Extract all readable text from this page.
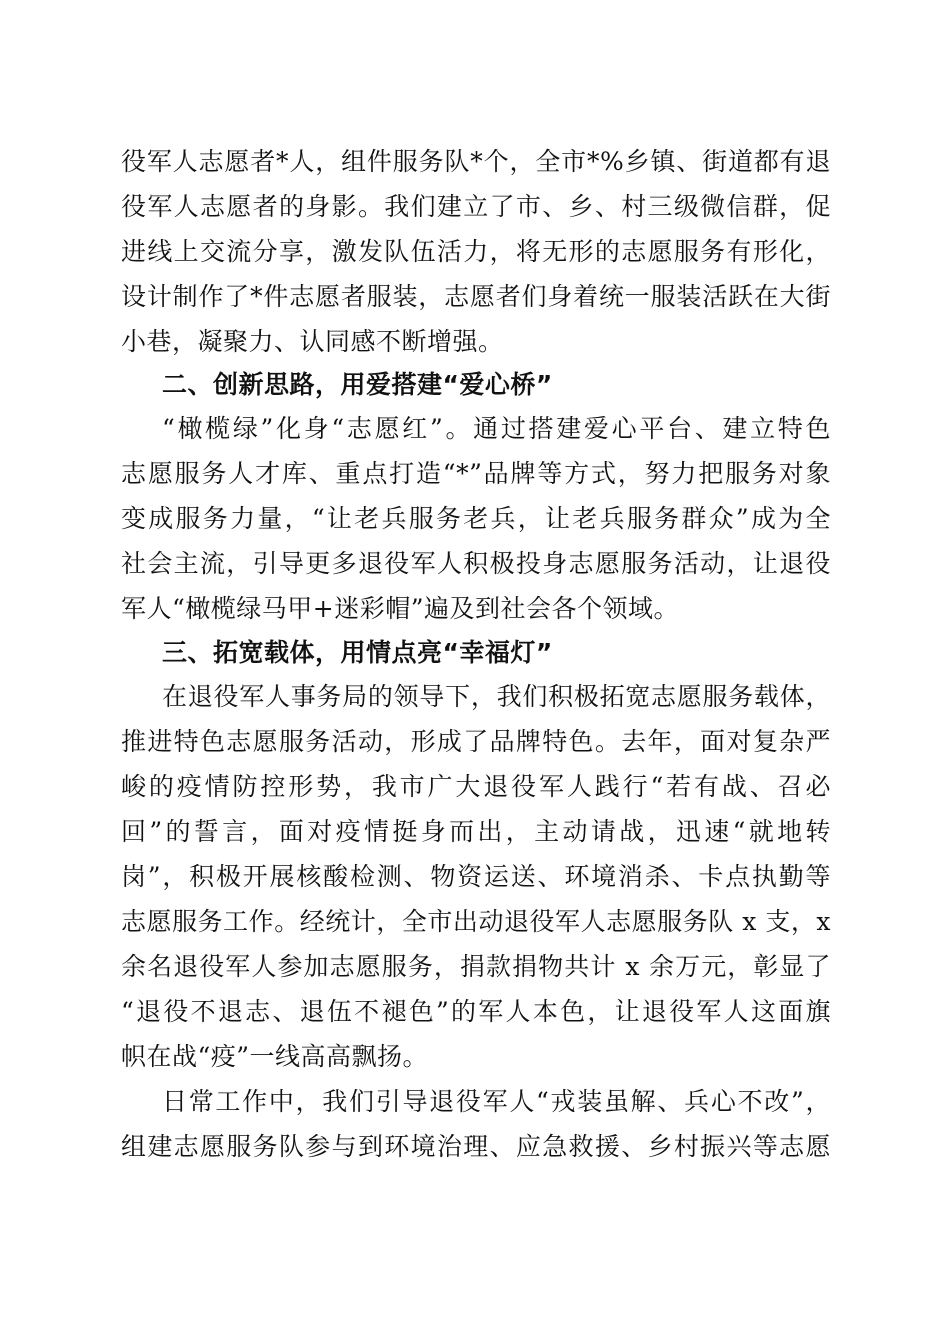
役军人志愿者*人，组件服务队*个，全市*%乡镇、街道都有退
役军人志愿者的身影。我们建立了市、乡、村三级微信群，促
进线上交流分享，激发队伍活力，将无形的志愿服务有形化，
设计制作了*件志愿者服装，志愿者们身着统一服装活跃在大街
小巷，凝聚力、认同感不断增强。
二、创新思路，用爱搭建“爱心桥”
“橄榄绿”化身“志愿红”。通过搭建爱心平台、建立特色
志愿服务人才库、重点打造“*”品牌等方式，努力把服务对象
变成服务力量，“让老兵服务老兵，让老兵服务群众”成为全
社会主流，引导更多退役军人积极投身志愿服务活动，让退役
军人“橄榄绿马甲+迷彩帽”遍及到社会各个领域。
三、拓宽载体，用情点亮“幸福灯”
在退役军人事务局的领导下，我们积极拓宽志愿服务载体，
推进特色志愿服务活动，形成了品牌特色。去年，面对复杂严
峻的疫情防控形势，我市广大退役军人践行“若有战、召必
回”的誓言，面对疫情挺身而出，主动请战，迅速“就地转
岗”，积极开展核酸检测、物资运送、环境消杀、卡点执勤等
志愿服务工作。经统计，全市出动退役军人志愿服务队 x 支，x
余名退役军人参加志愿服务，捐款捐物共计 x 余万元，彰显了
“退役不退志、退伍不褪色”的军人本色，让退役军人这面旗
帜在战“疫”一线高高飘扬。
日常工作中，我们引导退役军人“戎装虽解、兵心不改”，
组建志愿服务队参与到环境治理、应急救援、乡村振兴等志愿
